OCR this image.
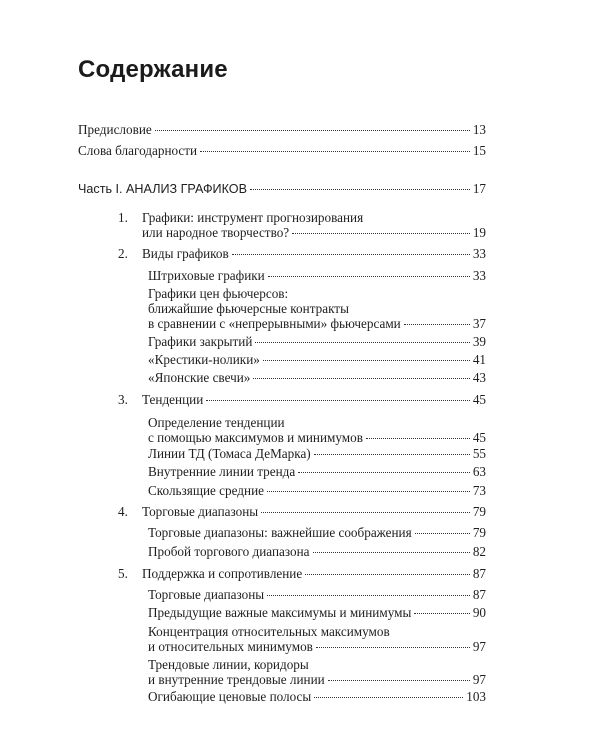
Содержание
Предисловие	13
Слова благодарности	15
Часть I. АНАЛИЗ ГРАФИКОВ	17
1. Графики: инструмент прогнозирования
или народное творчество?	19
2. Виды графиков	33
Штриховые графики	33
Графики цен фьючерсов:
ближайшие фьючерсные контракты
в сравнении с «непрерывными» фьючерсами	37
Графики закрытий	39
«Крестики-нолики»	41
«Японские свечи»	43
3. Тенденции	45
Определение тенденции
с помощью максимумов и минимумов	45
Линии ТД (Томаса ДеМарка)	55
Внутренние линии тренда	63
Скользящие средние	73
4. Торговые диапазоны	79
Торговые диапазоны: важнейшие соображения	79
Пробой торгового диапазона	82
5. Поддержка и сопротивление	87
Торговые диапазоны	87
Предыдущие важные максимумы и минимумы	90
Концентрация относительных максимумов
и относительных минимумов	97
Трендовые линии, коридоры
и внутренние трендовые линии	97
Огибающие ценовые полосы	103
